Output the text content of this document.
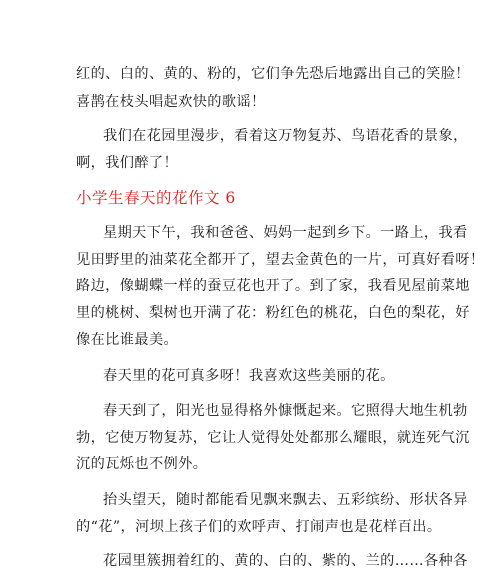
红的、白的、黄的、粉的，它们争先恐后地露出自己的笑脸！
喜鹊在枝头唱起欢快的歌谣！
我们在花园里漫步，看着这万物复苏、鸟语花香的景象，
啊，我们醉了！
小学生春天的花作文 6
星期天下午，我和爸爸、妈妈一起到乡下。一路上，我看
见田野里的油菜花全都开了，望去金黄色的一片，可真好看呀！
路边，像蝴蝶一样的蚕豆花也开了。到了家，我看见屋前菜地
里的桃树、梨树也开满了花：粉红色的桃花，白色的梨花，好
像在比谁最美。
春天里的花可真多呀！我喜欢这些美丽的花。
春天到了，阳光也显得格外慷慨起来。它照得大地生机勃
勃，它使万物复苏，它让人觉得处处都那么耀眼，就连死气沉
沉的瓦烁也不例外。
抬头望天，随时都能看见飘来飘去、五彩缤纷、形状各异
的“花”，河坝上孩子们的欢呼声、打闹声也是花样百出。
花园里簇拥着红的、黄的、白的、紫的、兰的……各种各
